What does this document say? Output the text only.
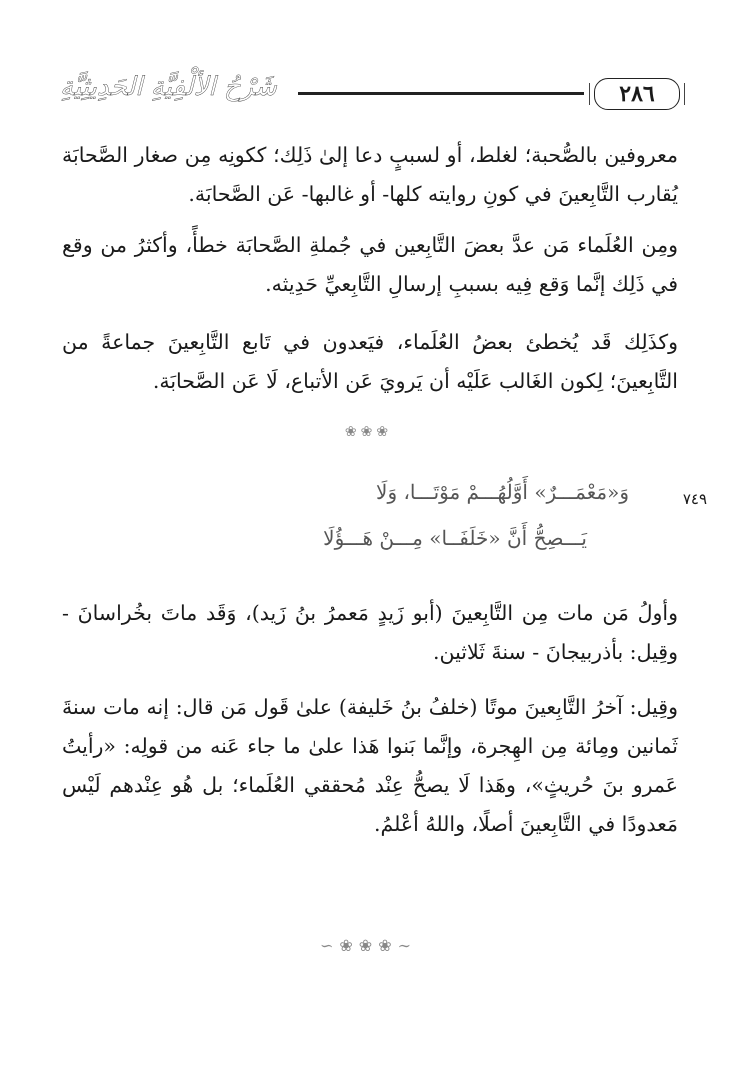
شَرْحُ الألْفِيَّةِ الحَدِيثِيَّةِ	٢٨٦
معروفين بالصُّحبة؛ لغلط، أو لسببٍ دعا إلىٰ ذَلِك؛ ككونِه مِن صغار الصَّحابَة يُقارب التَّابِعينَ في كونِ روايته كلها- أو غالبها- عَن الصَّحابَة.
ومِن العُلَماء مَن عدَّ بعضَ التَّابِعين في جُملةِ الصَّحابَة خطأً، وأكثرُ من وقع في ذَلِك إنَّما وَقع فِيه بسببِ إرسالِ التَّابِعيِّ حَدِيثه.
وكذَلِك قَد يُخطئ بعضُ العُلَماء، فيَعدون في تَابع التَّابِعينَ جماعةً من التَّابِعينَ؛ لِكون الغَالب عَلَيْه أن يَرويَ عَن الأتباع، لَا عَن الصَّحابَة.
❀❀❀
٧٤٩
وَ«مَعْمَـــرٌ» أَوَّلُهُـــمْ مَوْتَـــا، وَلَا
يَـــصِحُّ أَنَّ «خَلَفَــا» مِـــنْ هَـــؤُلَا
وأولُ مَن مات مِن التَّابِعينَ (أبو زَيدٍ مَعمرُ بنُ زَيد)، وَقَد ماتَ بخُراسانَ - وقِيل: بأذربيجانَ - سنةَ ثَلاثين.
وقِيل: آخرُ التَّابِعينَ موتًا (خلفُ بنُ خَليفة) علىٰ قَول مَن قال: إنه مات سنةَ ثَمانين ومِائة مِن الهِجرة، وإنَّما بَنوا هَذا علىٰ ما جاء عَنه من قولِه: «رأيتُ عَمرو بنَ حُريثٍ»، وهَذا لَا يصحُّ عِنْد مُحققي العُلَماء؛ بل هُو عِنْدهم لَيْس مَعدودًا في التَّابِعينَ أصلًا، واللهُ أعْلمُ.
∽❀❀❀∼
